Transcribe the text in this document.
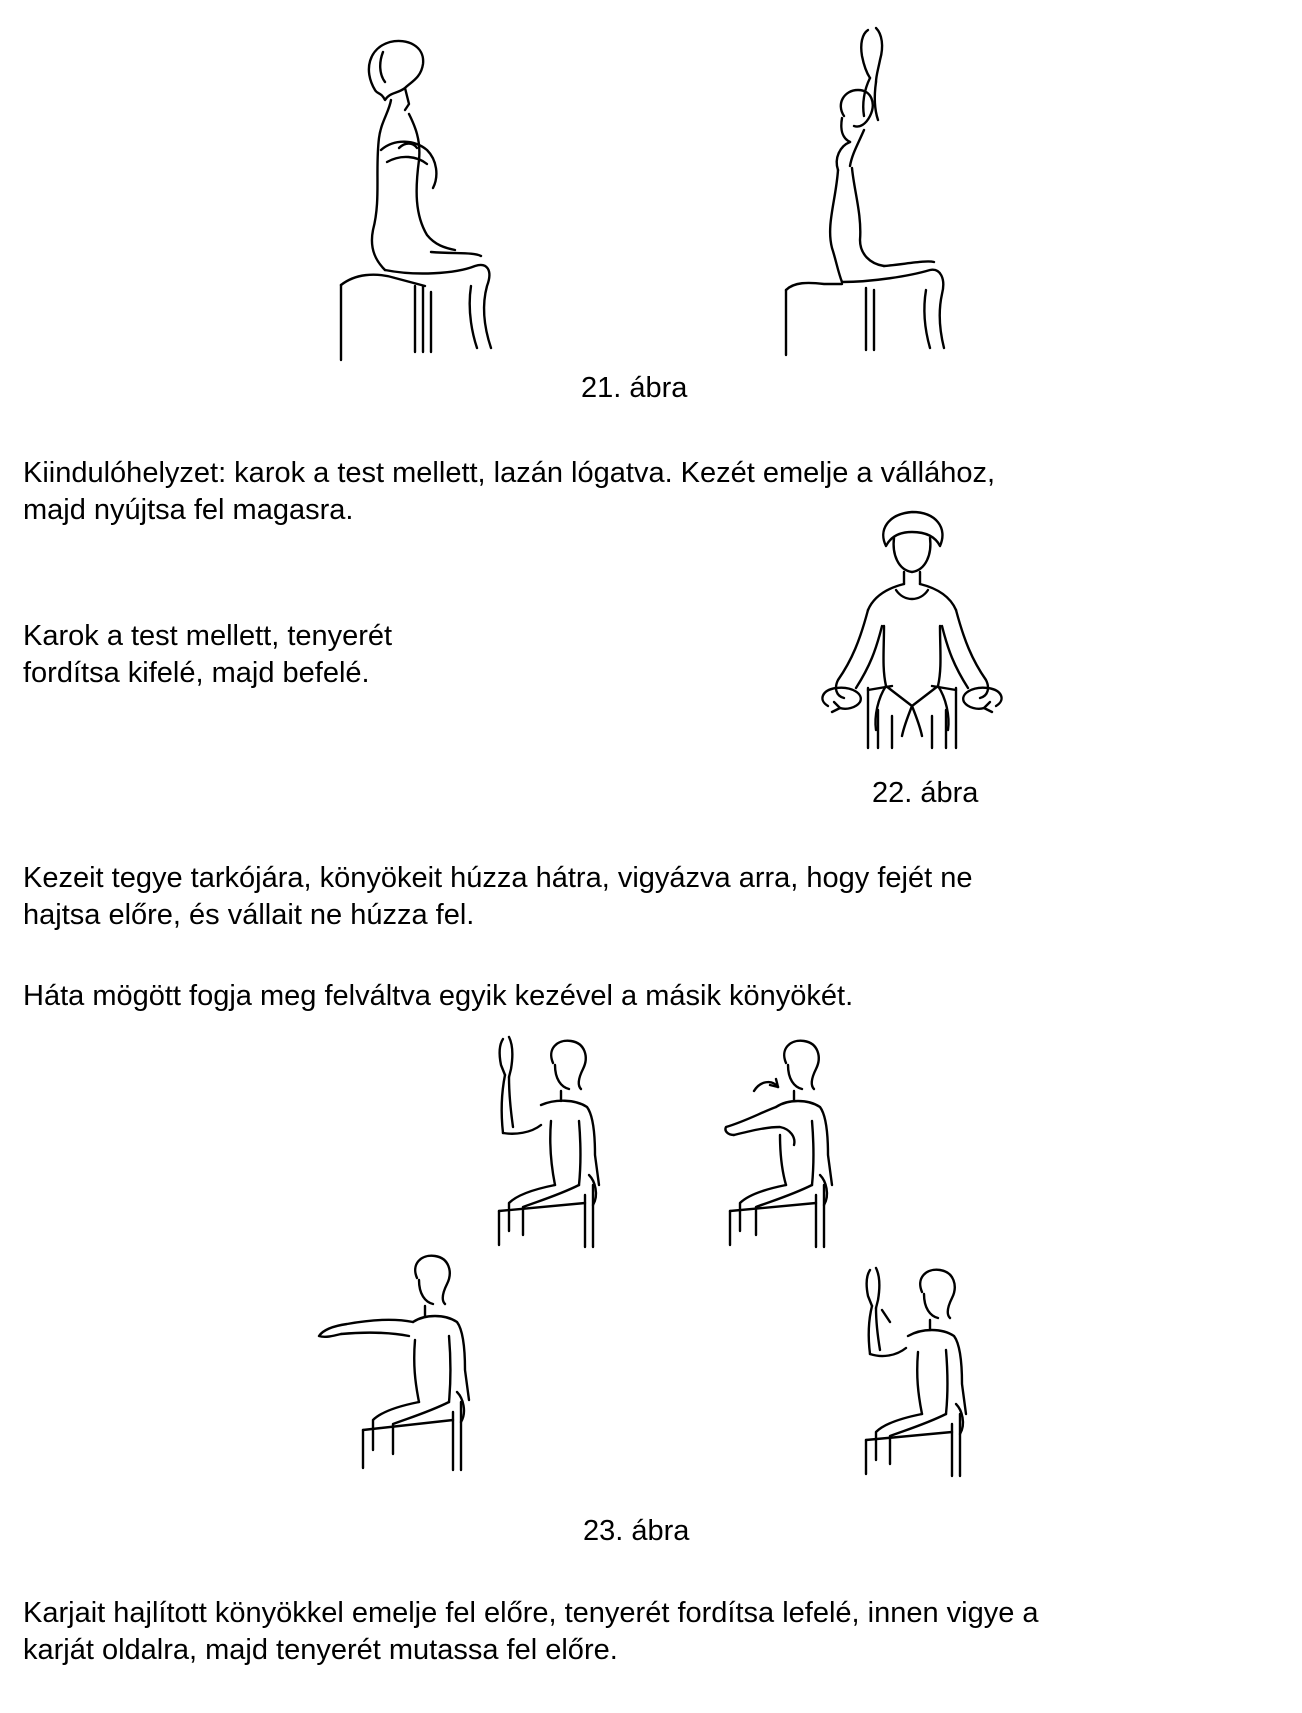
21. ábra
Kiindulóhelyzet: karok a test mellett, lazán lógatva. Kezét emelje a vállához,
majd nyújtsa fel magasra.
Karok a test mellett, tenyerét
fordítsa kifelé, majd befelé.
22. ábra
Kezeit tegye tarkójára, könyökeit húzza hátra, vigyázva arra, hogy fejét ne
hajtsa előre, és vállait ne húzza fel.
Háta mögött fogja meg felváltva egyik kezével a másik könyökét.
23. ábra
Karjait hajlított könyökkel emelje fel előre, tenyerét fordítsa lefelé, innen vigye a
karját oldalra, majd tenyerét mutassa fel előre.
